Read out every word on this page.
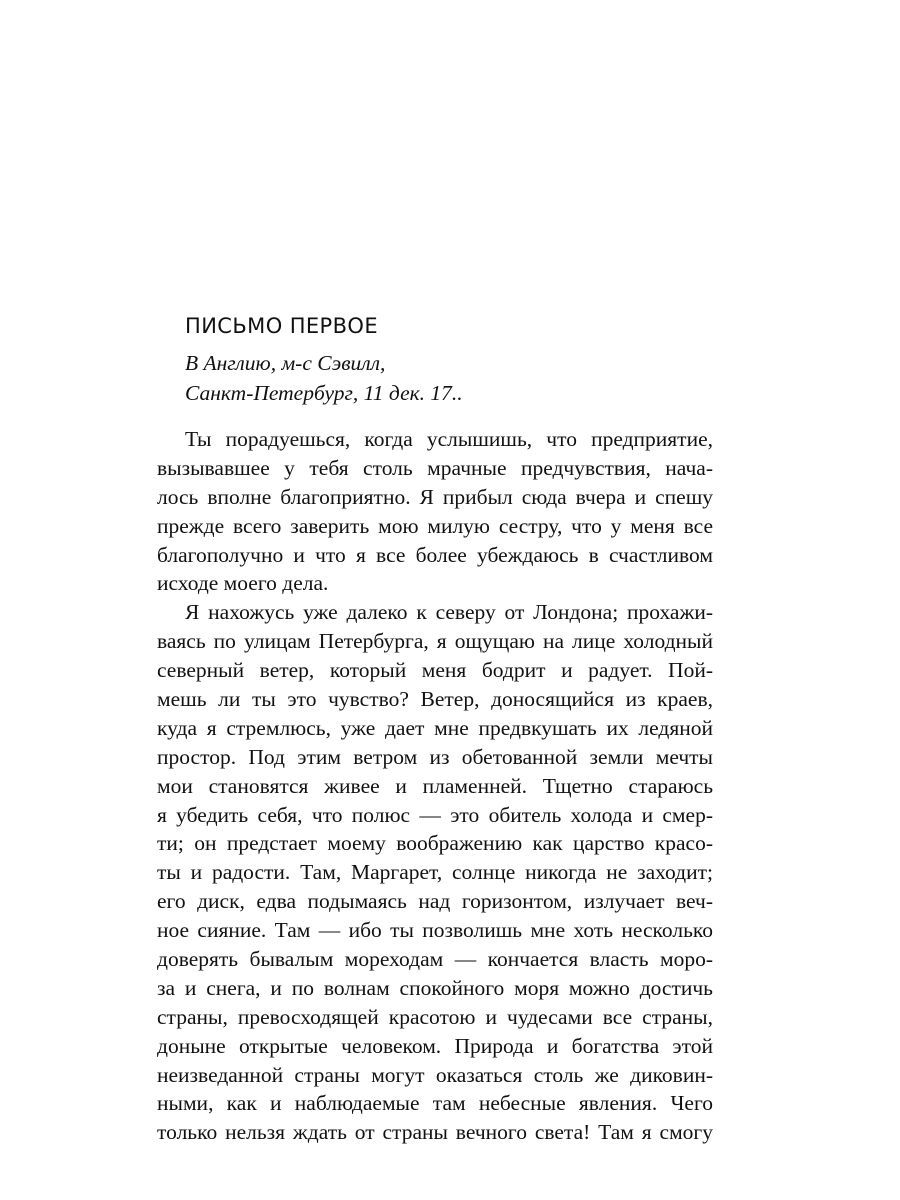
ПИСЬМО ПЕРВОЕ
В Англию, м-с Сэвилл,
Санкт-Петербург, 11 дек. 17..
Ты порадуешься, когда услышишь, что предприятие,
вызывавшее у тебя столь мрачные предчувствия, нача-
лось вполне благоприятно. Я прибыл сюда вчера и спешу
прежде всего заверить мою милую сестру, что у меня все
благополучно и что я все более убеждаюсь в счастливом
исходе моего дела.
Я нахожусь уже далеко к северу от Лондона; прохажи-
ваясь по улицам Петербурга, я ощущаю на лице холодный
северный ветер, который меня бодрит и радует. Пой-
мешь ли ты это чувство? Ветер, доносящийся из краев,
куда я стремлюсь, уже дает мне предвкушать их ледяной
простор. Под этим ветром из обетованной земли мечты
мои становятся живее и пламенней. Тщетно стараюсь
я убедить себя, что полюс — это обитель холода и смер-
ти; он предстает моему воображению как царство красо-
ты и радости. Там, Маргарет, солнце никогда не заходит;
его диск, едва подымаясь над горизонтом, излучает веч-
ное сияние. Там — ибо ты позволишь мне хоть несколько
доверять бывалым мореходам — кончается власть моро-
за и снега, и по волнам спокойного моря можно достичь
страны, превосходящей красотою и чудесами все страны,
доныне открытые человеком. Природа и богатства этой
неизведанной страны могут оказаться столь же диковин-
ными, как и наблюдаемые там небесные явления. Чего
только нельзя ждать от страны вечного света! Там я смогу
